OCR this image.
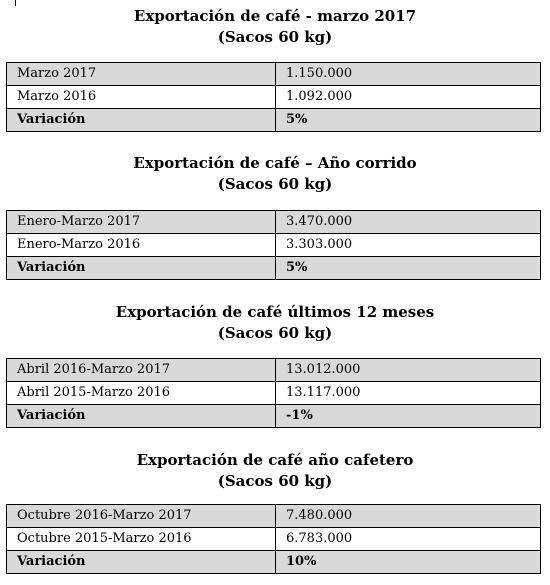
Exportación de café - marzo 2017

(Sacos 60 kg)

Marzo 2017	1.150.000
Marzo 2016	1.092.000
Variación	5%

Exportación de café – Año corrido

(Sacos 60 kg)

Enero-Marzo 2017	3.470.000
Enero-Marzo 2016	3.303.000
Variación	5%

Exportación de café últimos 12 meses

(Sacos 60 kg)

Abril 2016-Marzo 2017	13.012.000
Abril 2015-Marzo 2016	13.117.000
Variación	-1%

Exportación de café año cafetero

(Sacos 60 kg)

Octubre 2016-Marzo 2017	7.480.000
Octubre 2015-Marzo 2016	6.783.000
Variación	10%
